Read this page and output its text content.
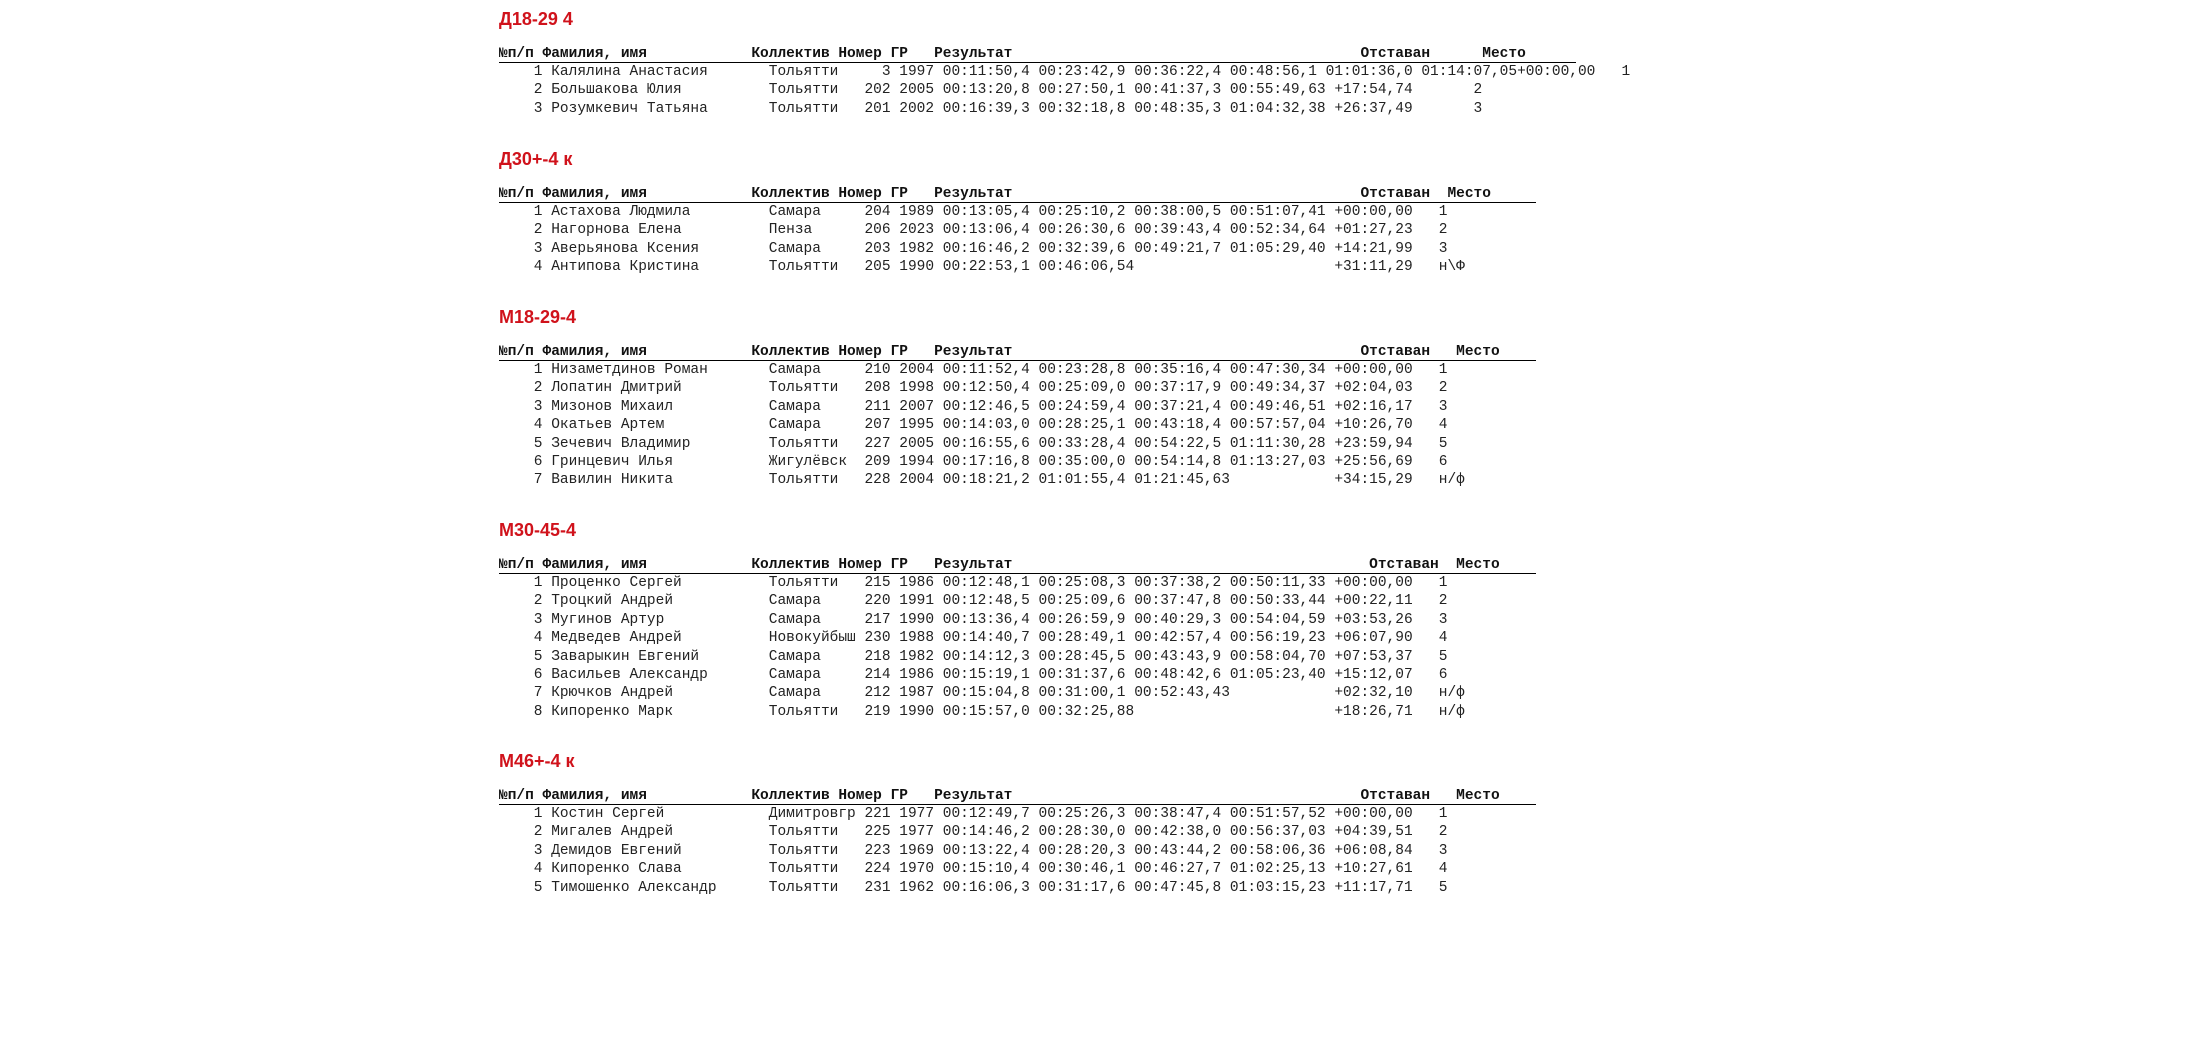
Д18-29 4
№п/п Фамилия, имя            Коллектив Номер ГР   Результат                                        Отставан      Место
1 Калялина Анастасия       Тольятти     3 1997 00:11:50,4 00:23:42,9 00:36:22,4 00:48:56,1 01:01:36,0 01:14:07,05+00:00,00   1
2 Большакова Юлия          Тольятти   202 2005 00:13:20,8 00:27:50,1 00:41:37,3 00:55:49,63 +17:54,74       2
3 Розумкевич Татьяна       Тольятти   201 2002 00:16:39,3 00:32:18,8 00:48:35,3 01:04:32,38 +26:37,49       3
Д30+-4 к
№п/п Фамилия, имя            Коллектив Номер ГР   Результат                                        Отставан  Место
1 Астахова Людмила         Самара     204 1989 00:13:05,4 00:25:10,2 00:38:00,5 00:51:07,41 +00:00,00   1
2 Нагорнова Елена          Пенза      206 2023 00:13:06,4 00:26:30,6 00:39:43,4 00:52:34,64 +01:27,23   2
3 Аверьянова Ксения        Самара     203 1982 00:16:46,2 00:32:39,6 00:49:21,7 01:05:29,40 +14:21,99   3
4 Антипова Кристина        Тольятти   205 1990 00:22:53,1 00:46:06,54                       +31:11,29   н\Ф
М18-29-4
№п/п Фамилия, имя            Коллектив Номер ГР   Результат                                        Отставан   Место
1 Низаметдинов Роман       Самара     210 2004 00:11:52,4 00:23:28,8 00:35:16,4 00:47:30,34 +00:00,00   1
2 Лопатин Дмитрий          Тольятти   208 1998 00:12:50,4 00:25:09,0 00:37:17,9 00:49:34,37 +02:04,03   2
3 Мизонов Михаил           Самара     211 2007 00:12:46,5 00:24:59,4 00:37:21,4 00:49:46,51 +02:16,17   3
4 Окатьев Артем            Самара     207 1995 00:14:03,0 00:28:25,1 00:43:18,4 00:57:57,04 +10:26,70   4
5 Зечевич Владимир         Тольятти   227 2005 00:16:55,6 00:33:28,4 00:54:22,5 01:11:30,28 +23:59,94   5
6 Гринцевич Илья           Жигулёвск  209 1994 00:17:16,8 00:35:00,0 00:54:14,8 01:13:27,03 +25:56,69   6
7 Вавилин Никита           Тольятти   228 2004 00:18:21,2 01:01:55,4 01:21:45,63            +34:15,29   н/ф
М30-45-4
№п/п Фамилия, имя            Коллектив Номер ГР   Результат                                         Отставан  Место
1 Проценко Сергей          Тольятти   215 1986 00:12:48,1 00:25:08,3 00:37:38,2 00:50:11,33 +00:00,00   1
2 Троцкий Андрей           Самара     220 1991 00:12:48,5 00:25:09,6 00:37:47,8 00:50:33,44 +00:22,11   2
3 Мугинов Артур            Самара     217 1990 00:13:36,4 00:26:59,9 00:40:29,3 00:54:04,59 +03:53,26   3
4 Медведев Андрей          Новокуйбыш 230 1988 00:14:40,7 00:28:49,1 00:42:57,4 00:56:19,23 +06:07,90   4
5 Заварыкин Евгений        Самара     218 1982 00:14:12,3 00:28:45,5 00:43:43,9 00:58:04,70 +07:53,37   5
6 Васильев Александр       Самара     214 1986 00:15:19,1 00:31:37,6 00:48:42,6 01:05:23,40 +15:12,07   6
7 Крючков Андрей           Самара     212 1987 00:15:04,8 00:31:00,1 00:52:43,43            +02:32,10   н/ф
8 Кипоренко Марк           Тольятти   219 1990 00:15:57,0 00:32:25,88                       +18:26,71   н/ф
М46+-4 к
№п/п Фамилия, имя            Коллектив Номер ГР   Результат                                        Отставан   Место
1 Костин Сергей            Димитровгр 221 1977 00:12:49,7 00:25:26,3 00:38:47,4 00:51:57,52 +00:00,00   1
2 Мигалев Андрей           Тольятти   225 1977 00:14:46,2 00:28:30,0 00:42:38,0 00:56:37,03 +04:39,51   2
3 Демидов Евгений          Тольятти   223 1969 00:13:22,4 00:28:20,3 00:43:44,2 00:58:06,36 +06:08,84   3
4 Кипоренко Слава          Тольятти   224 1970 00:15:10,4 00:30:46,1 00:46:27,7 01:02:25,13 +10:27,61   4
5 Тимошенко Александр      Тольятти   231 1962 00:16:06,3 00:31:17,6 00:47:45,8 01:03:15,23 +11:17,71   5
